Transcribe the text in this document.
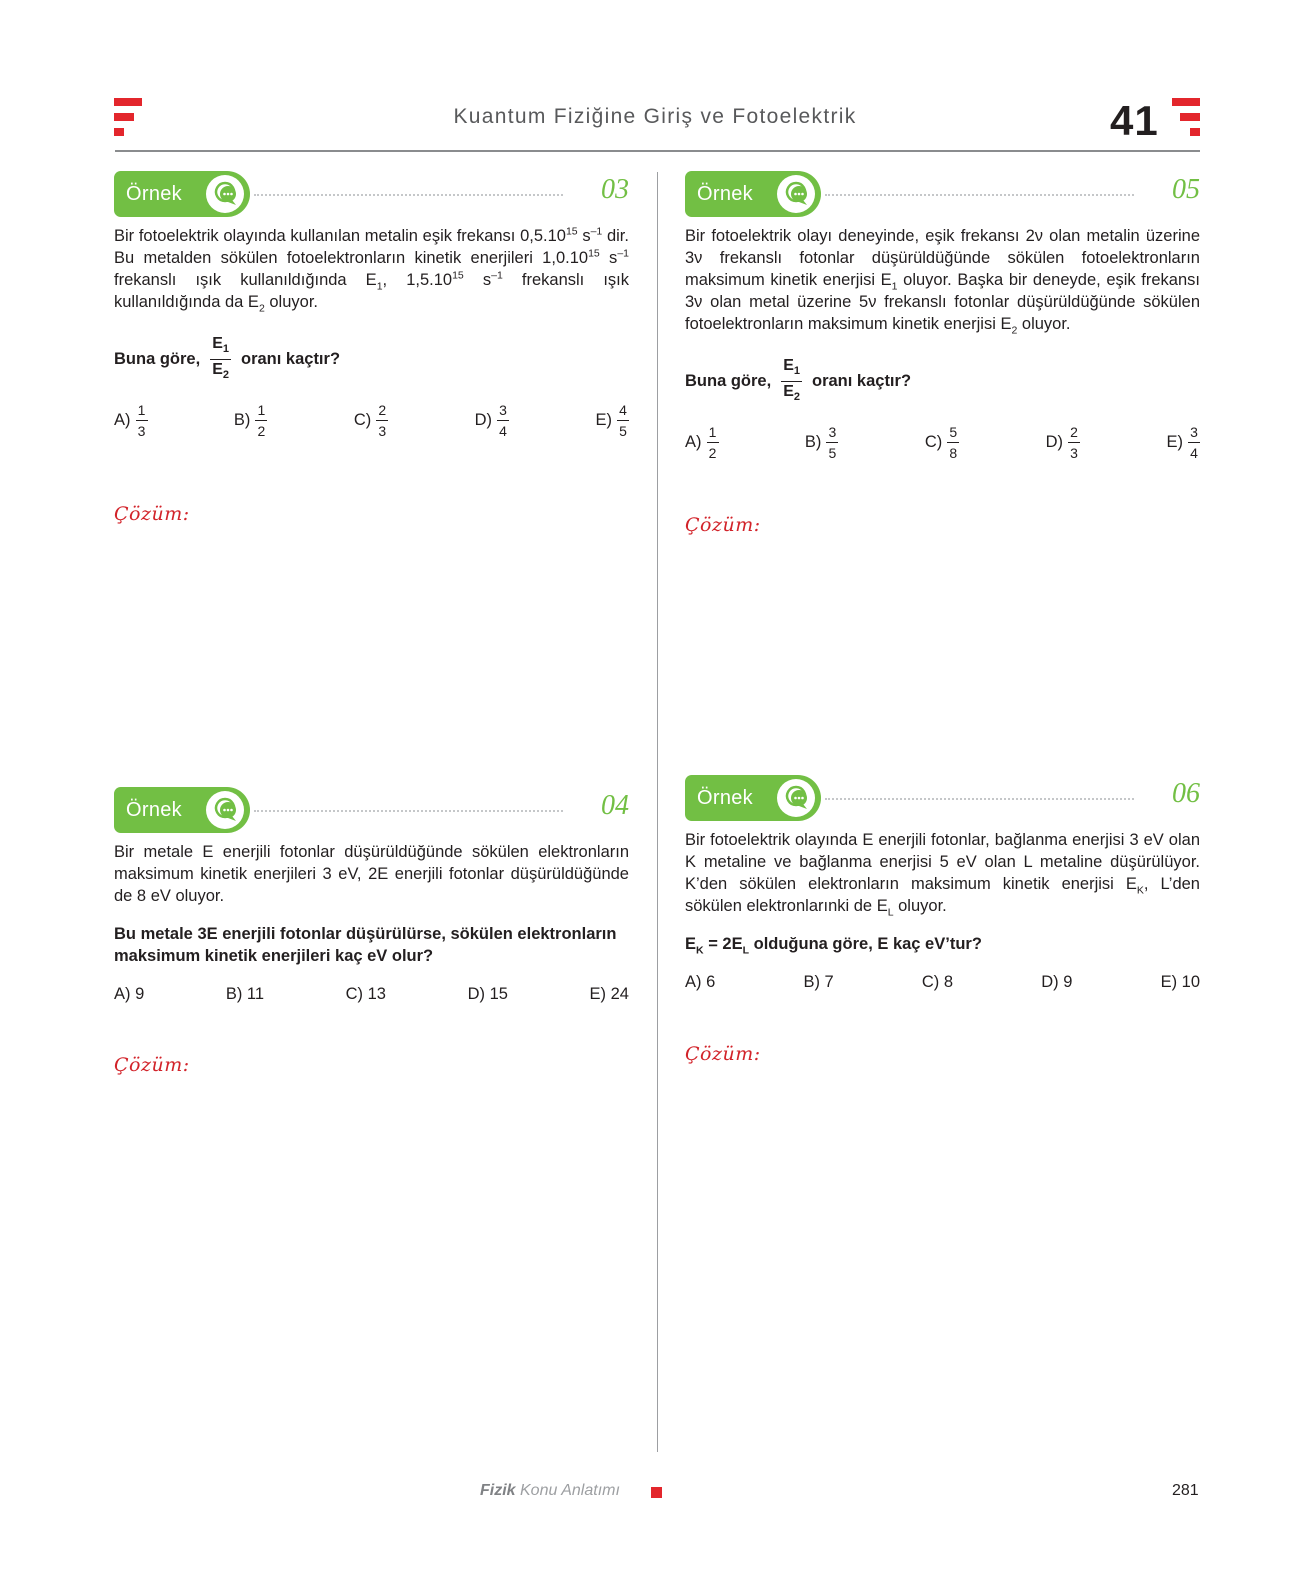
Kuantum Fiziğine Giriş ve Fotoelektrik	41
Örnek	03
Bir fotoelektrik olayında kullanılan metalin eşik frekansı 0,5.10$^{15}$ $s^{-1}$ dir. Bu metalden sökülen fotoelektronların kinetik enerjileri 1,0.10$^{15}$ $s^{-1}$ frekanslı ışık kullanıldığında $E_1$, 1,5.10$^{15}$ $s^{-1}$ frekanslı ışık kullanıldığında da $E_2$ oluyor.
Buna göre, $\frac{E_1}{E_2}$ oranı kaçtır?
$A) \frac{1}{3}$	$B) \frac{1}{2}$	$C) \frac{2}{3}$	$D) \frac{3}{4}$	$E) \frac{4}{5}$
Çözüm:
Örnek	05
Bir fotoelektrik olayı deneyinde, eşik frekansı 2ν olan metalin üzerine 3ν frekanslı fotonlar düşürüldüğünde sökülen fotoelektronların maksimum kinetik enerjisi $E_1$ oluyor. Başka bir deneyde, eşik frekansı 3ν olan metal üzerine 5ν frekanslı fotonlar düşürüldüğünde sökülen fotoelektronların maksimum kinetik enerjisi $E_2$ oluyor.
Buna göre, $\frac{E_1}{E_2}$ oranı kaçtır?
$A) \frac{1}{2}$	$B) \frac{3}{5}$	$C) \frac{5}{8}$	$D) \frac{2}{3}$	$E) \frac{3}{4}$
Çözüm:
Örnek	04
Bir metale E enerjili fotonlar düşürüldüğünde sökülen elektronların maksimum kinetik enerjileri 3 eV, 2E enerjili fotonlar düşürüldüğünde de 8 eV oluyor.
Bu metale 3E enerjili fotonlar düşürülürse, sökülen elektronların maksimum kinetik enerjileri kaç eV olur?
A) 9	B) 11	C) 13	D) 15	E) 24
Çözüm:
Örnek	06
Bir fotoelektrik olayında E enerjili fotonlar, bağlanma enerjisi 3 eV olan K metaline ve bağlanma enerjisi 5 eV olan L metaline düşürülüyor. K’den sökülen elektronların maksimum kinetik enerjisi $E_K$, L’den sökülen elektronlarınki de $E_L$ oluyor.
$E_K = 2E_L$ olduğuna göre, E kaç eV’tur?
A) 6	B) 7	C) 8	D) 9	E) 10
Çözüm:
Fizik Konu Anlatımı	281
